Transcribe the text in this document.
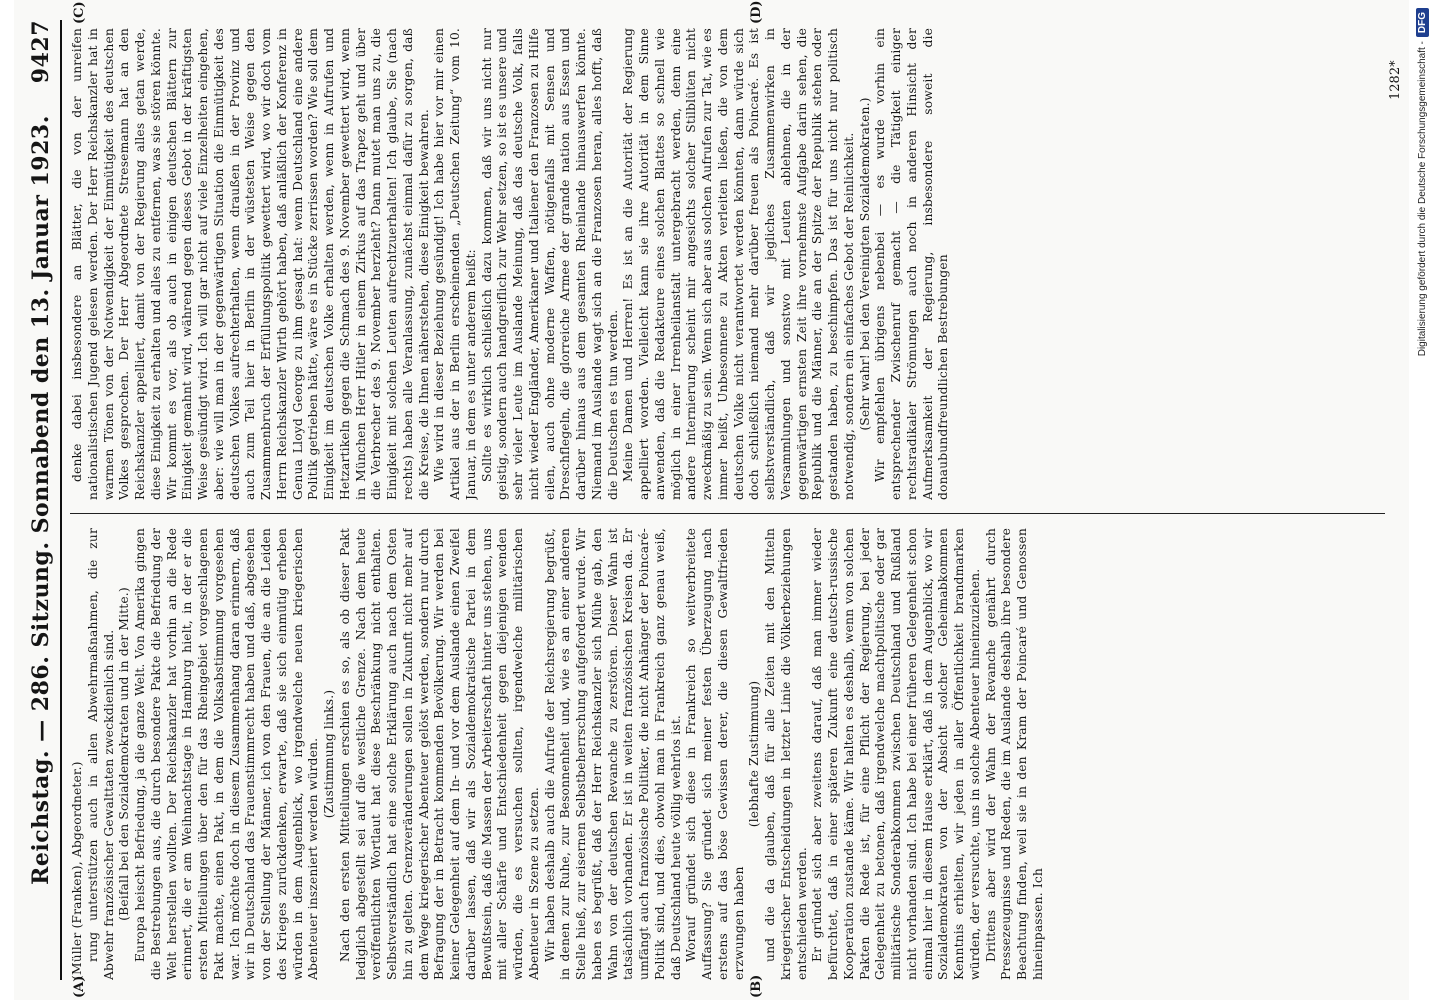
Reichstag. — 286. Sitzung. Sonnabend den 13. Januar 1923.
9427
(A)	(B)
(C)	(D)

(Müller (Franken), Abgeordneter.) rung unterstützen auch in allen Abwehrmaßnahmen, die zur Abwehr französischer Gewalttaten zweckdienlich sind. (Beifall bei den Sozialdemokraten und in der Mitte.) Europa heischt Befriedung, ja die ganze Welt. Von Amerika gingen die Bestrebungen aus, die durch besondere Pakte die Befriedung der Welt herstellen wollten. Der Reichskanzler hat vorhin an die Rede erinnert, die er am Weihnachtstage in Hamburg hielt, in der er die ersten Mitteilungen über den für das Rheingebiet vorgeschlagenen Pakt machte, einen Pakt, in dem die Volksabstimmung vorgesehen war. Ich möchte doch in diesem Zusammenhang daran erinnern, daß wir in Deutschland das Frauenstimmrecht haben und daß, abgesehen von der Stellung der Männer, ich von den Frauen, die an die Leiden des Krieges zurückdenken, erwarte, daß sie sich einmütig erheben würden in dem Augenblick, wo irgendwelche neuen kriegerischen Abenteuer inszeniert werden würden. (Zustimmung links.) Nach den ersten Mitteilungen erschien es so, als ob dieser Pakt lediglich abgestellt sei auf die westliche Grenze. Nach dem heute veröffentlichten Wortlaut hat diese Beschränkung nicht enthalten. Selbstverständlich hat eine solche Erklärung auch nach dem Osten hin zu gelten. Grenzveränderungen sollen in Zukunft nicht mehr auf dem Wege kriegerischer Abenteuer gelöst werden, sondern nur durch Befragung der in Betracht kommenden Bevölkerung. Wir werden bei keiner Gelegenheit auf dem In- und vor dem Auslande einen Zweifel darüber lassen, daß wir als Sozialdemokratische Partei in dem Bewußtsein, daß die Massen der Arbeiterschaft hinter uns stehen, uns mit aller Schärfe und Entschiedenheit gegen diejenigen wenden würden, die es versuchen sollten, irgendwelche militärischen Abenteuer in Szene zu setzen. Wir haben deshalb auch die Aufrufe der Reichsregierung begrüßt, in denen zur Ruhe, zur Besonnenheit und, wie es an einer anderen Stelle hieß, zur eisernen Selbstbeherrschung aufgefordert wurde. Wir haben es begrüßt, daß der Herr Reichskanzler sich Mühe gab, den Wahn von der deutschen Revanche zu zerstören. Dieser Wahn ist tatsächlich vorhanden. Er ist in weiten französischen Kreisen da. Er umfängt auch französische Politiker, die nicht Anhänger der Poincaré-Politik sind, und dies, obwohl man in Frankreich ganz genau weiß, daß Deutschland heute völlig wehrlos ist. Worauf gründet sich diese in Frankreich so weitverbreitete Auffassung? Sie gründet sich meiner festen Überzeugung nach erstens auf das böse Gewissen derer, die diesen Gewaltfrieden erzwungen haben

(lebhafte Zustimmung) und die da glauben, daß für alle Zeiten mit den Mitteln kriegerischer Entscheidungen in letzter Linie die Völkerbeziehungen entschieden werden. Er gründet sich aber zweitens darauf, daß man immer wieder befürchtet, daß in einer späteren Zukunft eine deutsch-russische Kooperation zustande käme. Wir halten es deshalb, wenn von solchen Pakten die Rede ist, für eine Pflicht der Regierung, bei jeder Gelegenheit zu betonen, daß irgendwelche machtpolitische oder gar militärische Sonderabkommen zwischen Deutschland und Rußland nicht vorhanden sind. Ich habe bei einer früheren Gelegenheit schon einmal hier in diesem Hause erklärt, daß in dem Augenblick, wo wir Sozialdemokraten von der Absicht solcher Geheimabkommen Kenntnis erhielten, wir jeden in aller Öffentlichkeit brandmarken würden, der versuchte, uns in solche Abenteuer hineinzuziehen. Drittens aber wird der Wahn der Revanche genährt durch Pressezeugnisse und Reden, die im Auslande deshalb ihre besondere Beachtung finden, weil sie in den Kram der Poincaré und Genossen hineinpassen. Ich

denke dabei insbesondere an Blätter, die von der unreifen nationalistischen Jugend gelesen werden. Der Herr Reichskanzler hat in warmen Tönen von der Notwendigkeit der Einmütigkeit des deutschen Volkes gesprochen. Der Herr Abgeordnete Stresemann hat an den Reichskanzler appelliert, damit von der Regierung alles getan werde, diese Einigkeit zu erhalten und alles zu entfernen, was sie stören könnte. Wir kommt es vor, als ob auch in einigen deutschen Blättern zur Einigkeit gemahnt wird, während gegen dieses Gebot in der kräftigsten Weise gesündigt wird. Ich will gar nicht auf viele Einzelheiten eingehen, aber: wie will man in der gegenwärtigen Situation die Einmütigkeit des deutschen Volkes aufrechterhalten, wenn draußen in der Provinz und auch zum Teil hier in Berlin in der wüstesten Weise gegen den Zusammenbruch der Erfüllungspolitik gewettert wird, wo wir doch vom Herrn Reichskanzler Wirth gehört haben, daß anläßlich der Konferenz in Genua Lloyd George zu ihm gesagt hat: wenn Deutschland eine andere Politik getrieben hätte, wäre es in Stücke zerrissen worden? Wie soll dem Einigkeit im deutschen Volke erhalten werden, wenn in Aufrufen und Hetzartikeln gegen die Schmach des 9. November gewettert wird, wenn in München Herr Hitler in einem Zirkus auf das Trapez geht und über die Verbrecher des 9. November herzieht? Dann mutet man uns zu, die Einigkeit mit solchen Leuten aufrechtzuerhalten! Ich glaube, Sie (nach rechts) haben alle Veranlassung, zunächst einmal dafür zu sorgen, daß die Kreise, die Ihnen näherstehen, diese Einigkeit bewahren. Wie wird in dieser Beziehung gesündigt! Ich habe hier vor mir einen Artikel aus der in Berlin erscheinenden „Deutschen Zeitung“ vom 10. Januar, in dem es unter anderem heißt: Sollte es wirklich schließlich dazu kommen, daß wir uns nicht nur geistig, sondern auch handgreiflich zur Wehr setzen, so ist es unsere und sehr vieler Leute im Auslande Meinung, daß das deutsche Volk, falls nicht wieder Engländer, Amerikaner und Italiener den Franzosen zu Hilfe eilen, auch ohne moderne Waffen, nötigenfalls mit Sensen und Dreschflegeln, die glorreiche Armee der grande nation aus Essen und darüber hinaus aus dem gesamten Rheinlande hinauswerfen könnte. Niemand im Auslande wagt sich an die Franzosen heran, alles hofft, daß die Deutschen es tun werden. Meine Damen und Herren! Es ist an die Autorität der Regierung appelliert worden. Vielleicht kann sie ihre Autorität in dem Sinne anwenden, daß die Redakteure eines solchen Blattes so schnell wie möglich in einer Irrenheilanstalt untergebracht werden, denn eine andere Internierung scheint mir angesichts solcher Stilblüten nicht zweckmäßig zu sein. Wenn sich aber aus solchen Aufrufen zur Tat, wie es immer heißt, Unbesonnene zu Akten verleiten ließen, die von dem deutschen Volke nicht verantwortet werden könnten, dann würde sich doch schließlich niemand mehr darüber freuen als Poincaré. Es ist selbstverständlich, daß wir jegliches Zusammenwirken in Versammlungen und sonstwo mit Leuten ablehnen, die in der gegenwärtigen ernsten Zeit ihre vornehmste Aufgabe darin sehen, die Republik und die Männer, die an der Spitze der Republik stehen oder gestanden haben, zu beschimpfen. Das ist für uns nicht nur politisch notwendig, sondern ein einfaches Gebot der Reinlichkeit. (Sehr wahr! bei den Vereinigten Sozialdemokraten.) Wir empfehlen übrigens nebenbei — es wurde vorhin ein entsprechender Zwischenruf gemacht — die Tätigkeit einiger rechtsradikaler Strömungen auch noch in anderen Hinsicht der Aufmerksamkeit der Regierung, insbesondere soweit die donaubundfreundlichen Bestrebungen

1282* Digitalisierung gefördert durch die Deutsche Forschungsgemeinschaft -
DFG
